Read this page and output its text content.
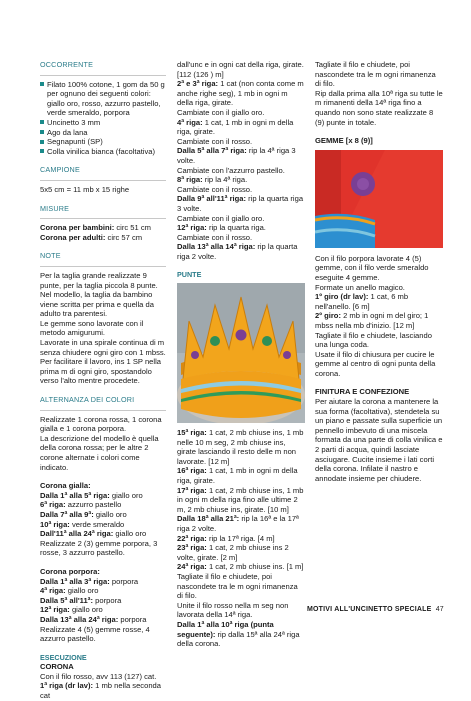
OCCORRENTE

Filato 100% cotone, 1 gom da 50 g per ognuno dei seguenti colori: giallo oro, rosso, azzurro pastello, verde smeraldo, porpora

Uncinetto 3 mm

Ago da lana

Segnapunti (SP)

Colla vinilica bianca (facoltativa)

CAMPIONE

5x5 cm = 11 mb x 15 righe

MISURE

Corona per bambini: circ 51 cm

Corona per adulti: circ 57 cm

NOTE

Per la taglia grande realizzate 9 punte, per la taglia piccola 8 punte.

Nel modello, la taglia da bambino viene scritta per prima e quella da adulto tra parentesi.

Le gemme sono lavorate con il metodo amigurumi.

Lavorate in una spirale continua di m senza chiudere ogni giro con 1 mbss. Per facilitare il lavoro, ins 1 SP nella prima m di ogni giro, spostandolo verso l'alto mentre procedete.

ALTERNANZA DEI COLORI

Realizzate 1 corona rossa, 1 corona gialla e 1 corona porpora.

La descrizione del modello è quella della corona rossa; per le altre 2 corone alternate i colori come indicato.

Corona gialla:

Dalla 1ª alla 5ª riga: giallo oro

6ª riga: azzurro pastello

Dalla 7ª alla 9ª: giallo oro

10ª riga: verde smeraldo

Dall'11ª alla 24ª riga: giallo oro

Realizzate 2 (3) gemme porpora, 3 rosse, 3 azzurro pastello.

Corona porpora:

Dalla 1ª alla 3ª riga: porpora

4ª riga: giallo oro

Dalla 5ª all'11ª: porpora

12ª riga: giallo oro

Dalla 13ª alla 24ª riga: porpora

Realizzate 4 (5) gemme rosse, 4 azzurro pastello.

ESECUZIONE

CORONA

Con il filo rosso, avv 113 (127) cat.

1ª riga (dr lav): 1 mb nella seconda cat

dall'unc e in ogni cat della riga, girate. [112 (126 ) m]

2ª e 3ª riga: 1 cat (non conta come m anche righe seg), 1 mb in ogni m della riga, girate.

Cambiate con il giallo oro.

4ª riga: 1 cat, 1 mb in ogni m della riga, girate.

Cambiate con il rosso.

Dalla 5ª alla 7ª riga: rip la 4ª riga 3 volte.

Cambiate con l'azzurro pastello.

8ª riga: rip la 4ª riga.

Cambiate con il rosso.

Dalla 9ª all'11ª riga: rip la quarta riga 3 volte.

Cambiate con il giallo oro.

12ª riga: rip la quarta riga.

Cambiate con il rosso.

Dalla 13ª alla 14ª riga: rip la quarta riga 2 volte.

PUNTE

15ª riga: 1 cat, 2 mb chiuse ins, 1 mb nelle 10 m seg, 2 mb chiuse ins, girate lasciando il resto delle m non lavorate. [12 m]

16ª riga: 1 cat, 1 mb in ogni m della riga, girate.

17ª riga: 1 cat, 2 mb chiuse ins, 1 mb in ogni m della riga fino alle ultime 2 m, 2 mb chiuse ins, girate. [10 m]

Dalla 18ª alla 21ª: rip la 16ª e la 17ª riga 2 volte.

22ª riga: rip la 17ª riga. [4 m]

23ª riga: 1 cat, 2 mb chiuse ins 2 volte, girate. [2 m]

24ª riga: 1 cat, 2 mb chiuse ins. [1 m]

Tagliate il filo e chiudete, poi nascondete tra le m ogni rimanenza di filo.

Unite il filo rosso nella m seg non lavorata della 14ª riga.

Dalla 1ª alla 10ª riga (punta seguente): rip dalla 15ª alla 24ª riga della corona.

Tagliate il filo e chiudete, poi nascondete tra le m ogni rimanenza di filo.

Rip dalla prima alla 10ª riga su tutte le m rimanenti della 14ª riga fino a quando non sono state realizzate 8 (9) punte in totale.

GEMME [x 8 (9)]

Con il filo porpora lavorate 4 (5) gemme, con il filo verde smeraldo eseguite 4 gemme.

Formate un anello magico.

1º giro (dr lav): 1 cat, 6 mb nell'anello. [6 m]

2º giro: 2 mb in ogni m del giro; 1 mbss nella mb d'inizio. [12 m]

Tagliate il filo e chiudete, lasciando una lunga coda.

Usate il filo di chiusura per cucire le gemme al centro di ogni punta della corona.

FINITURA E CONFEZIONE

Per aiutare la corona a mantenere la sua forma (facoltativa), stendetela su un piano e passate sulla superficie un pennello imbevuto di una miscela formata da una parte di colla vinilica e 2 parti di acqua, quindi lasciate asciugare. Cucite insieme i lati corti della corona. Infilate il nastro e annodate insieme per chiudere.

MOTIVI ALL'UNCINETTO SPECIALE 47
